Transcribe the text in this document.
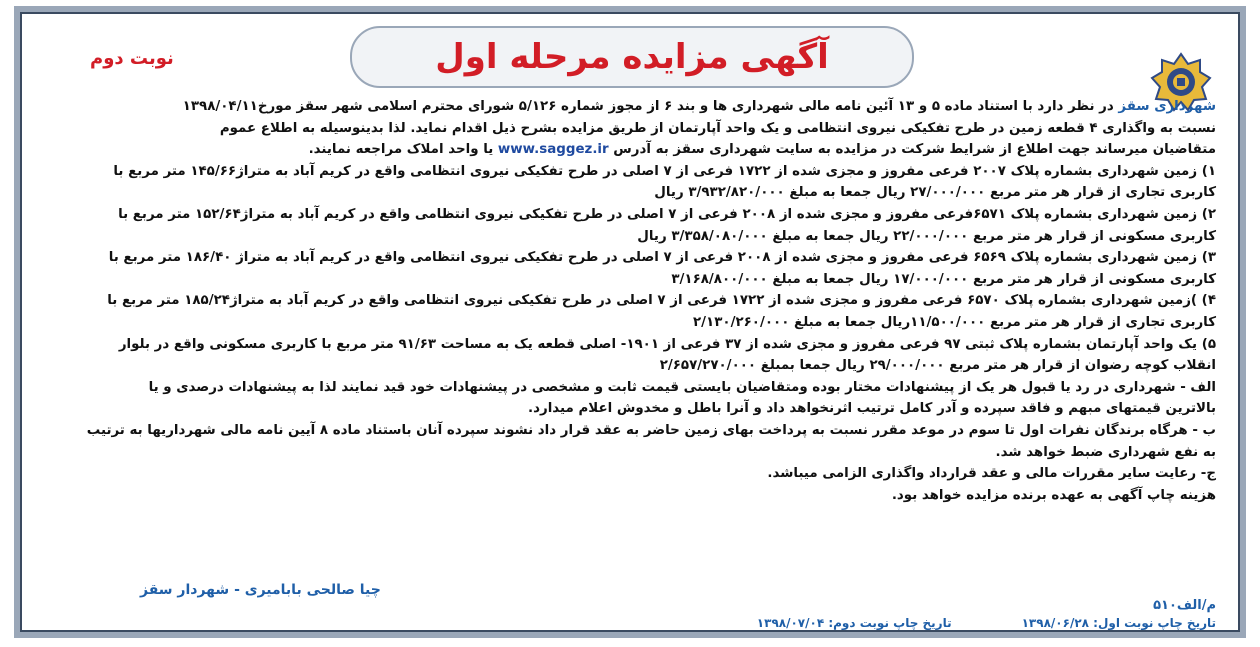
آگهی مزایده مرحله اول
نوبت دوم

شهرداری سقز در نظر دارد با استناد ماده ۵ و ۱۳ آئین نامه مالی شهرداری ها و بند ۶ از مجوز شماره ۵/۱۲۶ شورای محترم اسلامی شهر سقز مورخ۱۳۹۸/۰۴/۱۱

نسبت به واگذاری ۴ قطعه زمین در طرح تفکیکی نیروی انتظامی و یک واحد آپارتمان از طریق مزایده بشرح ذیل اقدام نماید. لذا بدینوسیله به اطلاع عموم

متقاضیان میرساند جهت اطلاع از شرایط شرکت در مزایده به سایت شهرداری سقز به آدرس www.saggez.ir یا واحد املاک مراجعه نمایند.

۱) زمین شهرداری بشماره پلاک ۲۰۰۷ فرعی مفروز و مجزی شده از ۱۷۲۲ فرعی از ۷ اصلی در طرح تفکیکی نیروی انتظامی واقع در کریم آباد به متراژ۱۴۵/۶۶ متر مربع با

کاربری تجاری از قرار هر متر مربع ۲۷/۰۰۰/۰۰۰ ریال جمعا به مبلغ ۳/۹۳۲/۸۲۰/۰۰۰ ریال

۲) زمین شهرداری بشماره پلاک ۶۵۷۱فرعی مفروز و مجزی شده از ۲۰۰۸ فرعی از ۷ اصلی در طرح تفکیکی نیروی انتظامی واقع در کریم آباد به متراژ۱۵۲/۶۴ متر مربع با

کاربری مسکونی از قرار هر متر مربع ۲۲/۰۰۰/۰۰۰ ریال جمعا به مبلغ ۳/۳۵۸/۰۸۰/۰۰۰ ریال

۳) زمین شهرداری بشماره پلاک ۶۵۶۹ فرعی مفروز و مجزی شده از ۲۰۰۸ فرعی از ۷ اصلی در طرح تفکیکی نیروی انتظامی واقع در کریم آباد به متراژ ۱۸۶/۴۰ متر مربع با

کاربری مسکونی از قرار هر متر مربع ۱۷/۰۰۰/۰۰۰ ریال جمعا به مبلغ ۳/۱۶۸/۸۰۰/۰۰۰

۴) )زمین شهرداری بشماره پلاک ۶۵۷۰ فرعی مفروز و مجزی شده از ۱۷۲۲ فرعی از ۷ اصلی در طرح تفکیکی نیروی انتظامی واقع در کریم آباد به متراژ۱۸۵/۲۴ متر مربع با

کاربری تجاری از قرار هر متر مربع ۱۱/۵۰۰/۰۰۰ریال جمعا به مبلغ ۲/۱۳۰/۲۶۰/۰۰۰

۵) یک واحد آپارتمان بشماره پلاک ثبتی ۹۷ فرعی مفروز و مجزی شده از ۳۷ فرعی از ۱۹۰۱- اصلی قطعه یک به مساحت ۹۱/۶۳ متر مربع با کاربری مسکونی واقع در بلوار

انقلاب کوچه رضوان از قرار هر متر مربع ۲۹/۰۰۰/۰۰۰ ریال جمعا بمبلغ ۲/۶۵۷/۲۷۰/۰۰۰

الف - شهرداری در رد یا قبول هر یک از پیشنهادات مختار بوده ومتقاضیان بایستی قیمت ثابت و مشخصی در پیشنهادات خود قید نمایند لذا به پیشنهادات درصدی و یا

بالاترین قیمتهای مبهم و فاقد سپرده و آدر کامل ترتیب اثرنخواهد داد و آنرا باطل و مخدوش اعلام میدارد.

ب - هرگاه برندگان نفرات اول تا سوم در موعد مقرر نسبت به پرداخت بهای زمین حاضر به عقد قرار داد نشوند سپرده آنان باستناد ماده ۸ آیین نامه مالی شهرداریها به ترتیب

به نفع شهرداری ضبط خواهد شد.

ج- رعایت سایر مقررات مالی و عقد قرارداد واگذاری الزامی میباشد.

هزینه چاپ آگهی به عهده برنده مزایده خواهد بود.

چیا صالحی بابامیری - شهردار سقز
م/الف۵۱۰
تاریخ چاپ نوبت اول: ۱۳۹۸/۰۶/۲۸
تاریخ چاپ نوبت دوم: ۱۳۹۸/۰۷/۰۴
